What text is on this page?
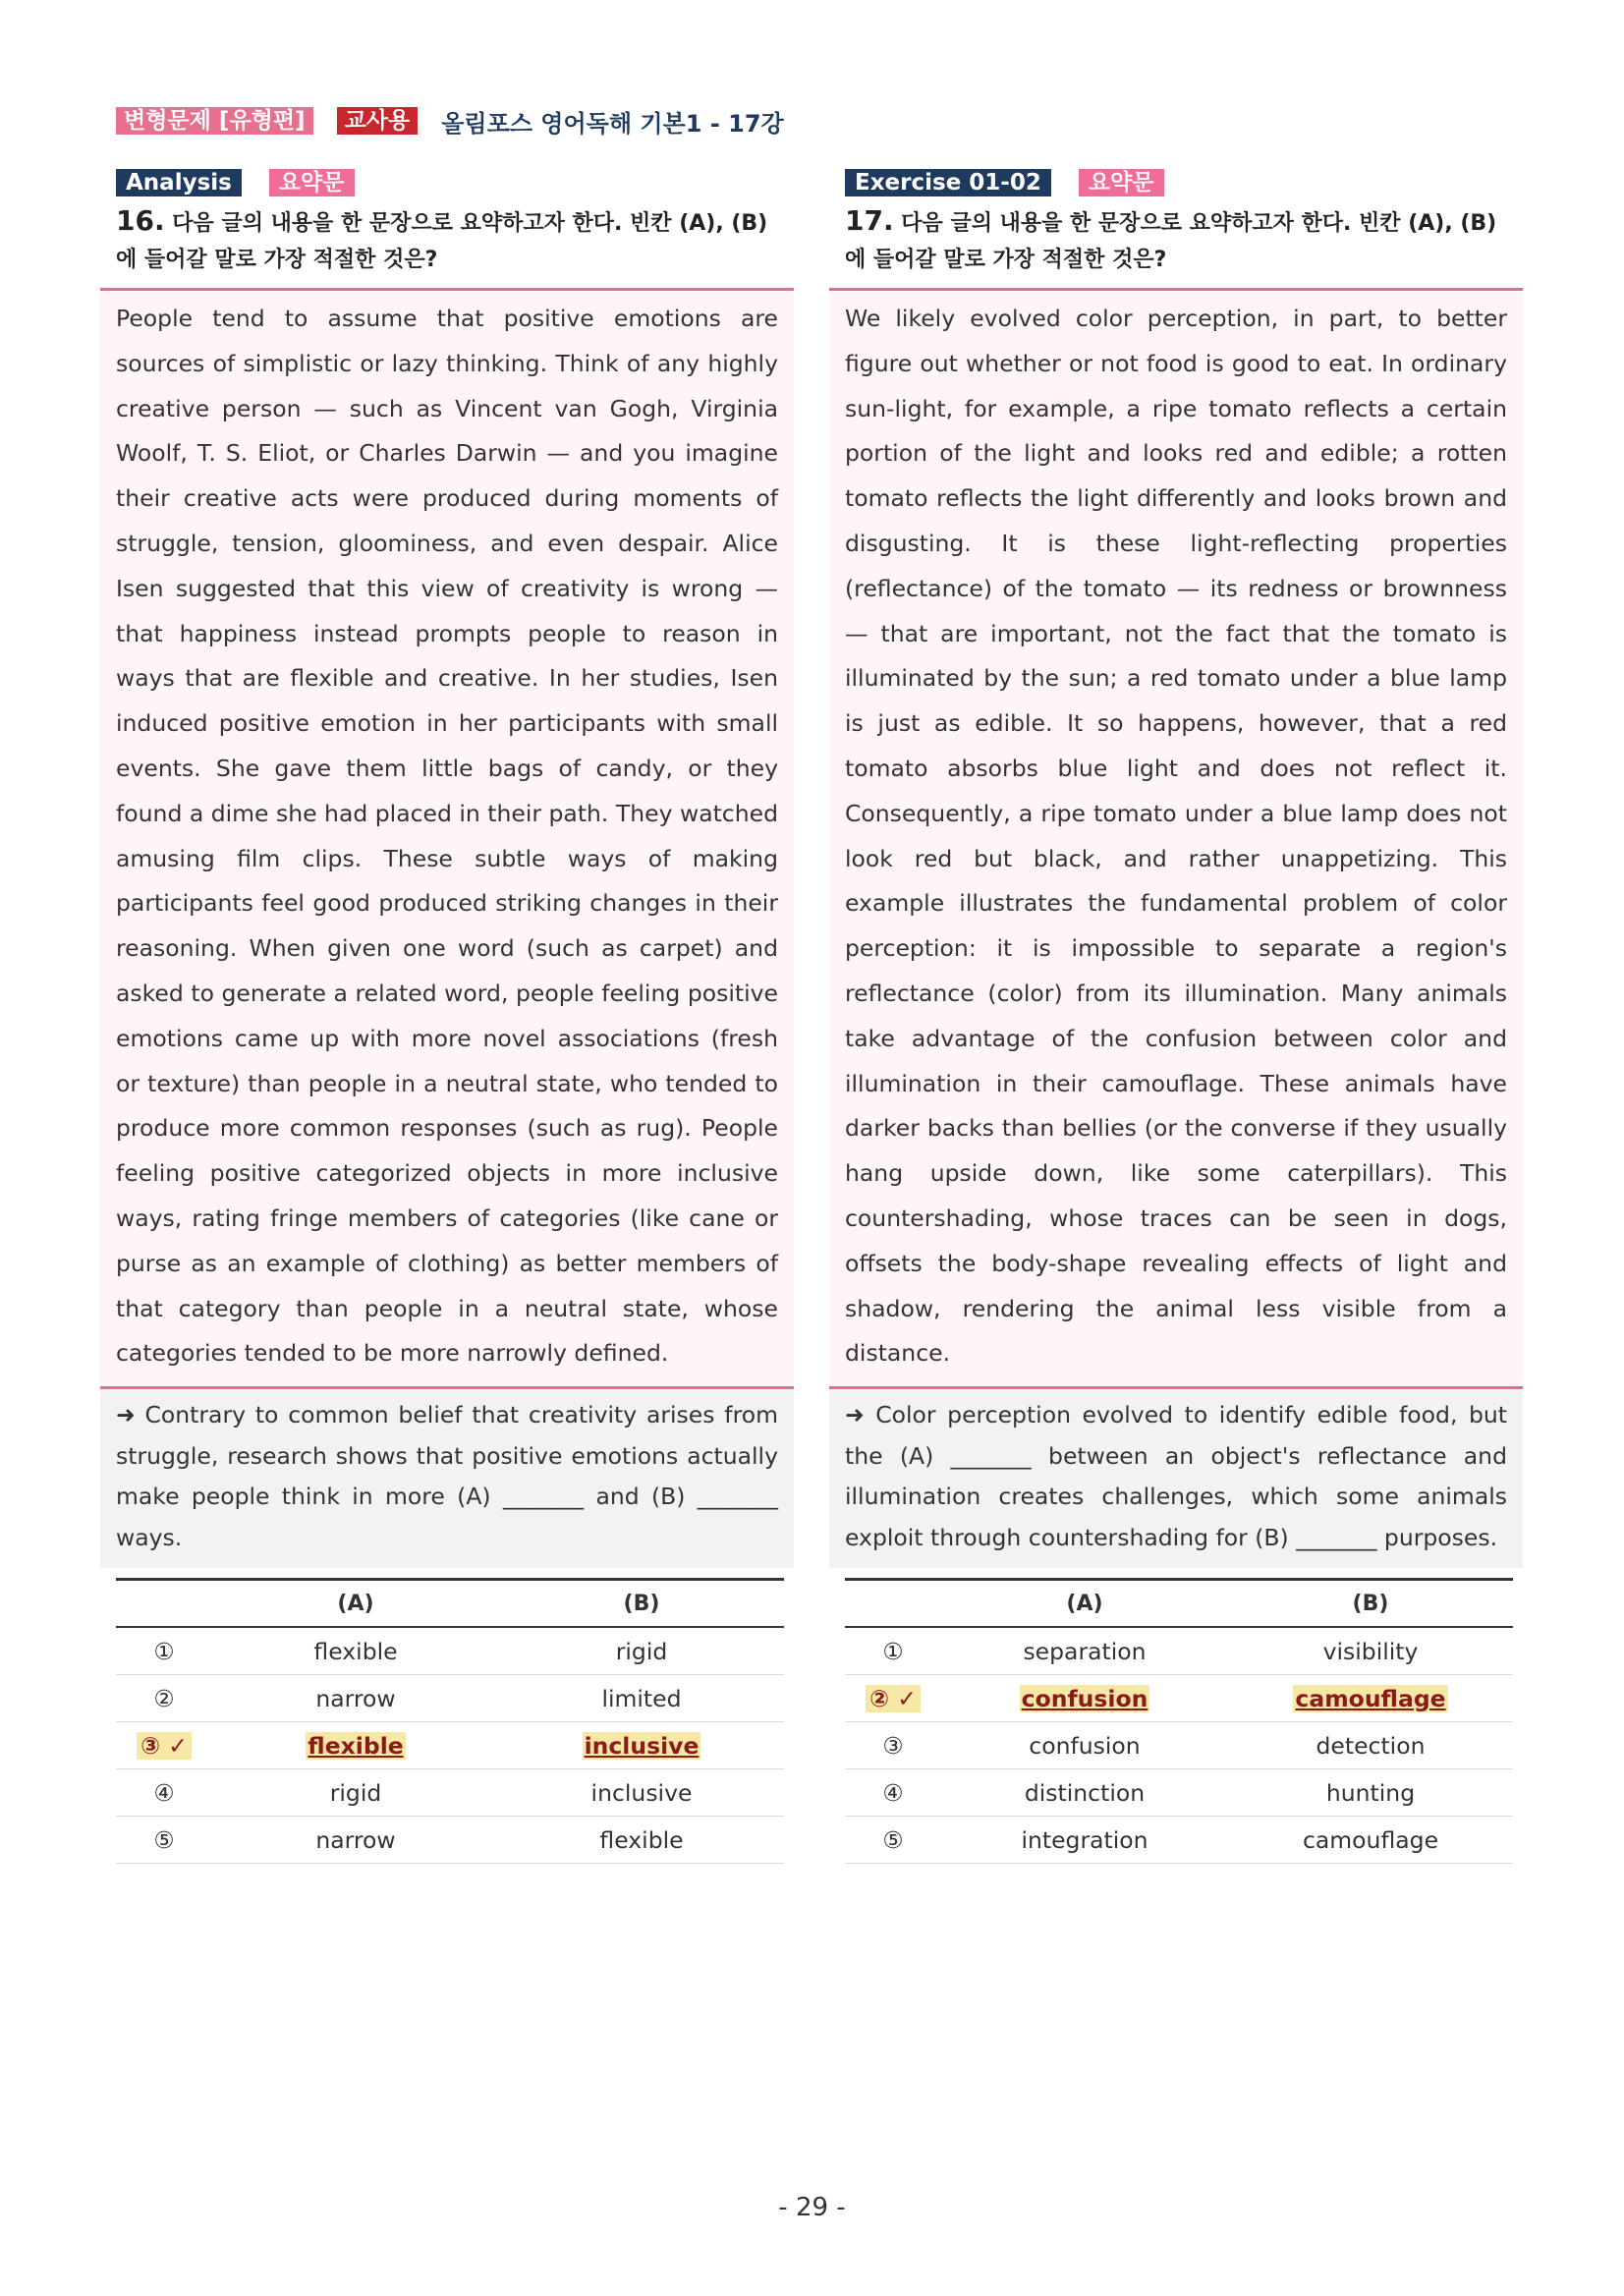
변형문제 [유형편]	교사용	올림포스 영어독해 기본1 - 17강
Analysis	요약문
16. 다음 글의 내용을 한 문장으로 요약하고자 한다. 빈칸 (A), (B)에 들어갈 말로 가장 적절한 것은?

People tend to assume that positive emotions are sources of simplistic or lazy thinking. Think of any highly creative person — such as Vincent van Gogh, Virginia Woolf, T. S. Eliot, or Charles Darwin — and you imagine their creative acts were produced during moments of struggle, tension, gloominess, and even despair. Alice Isen suggested that this view of creativity is wrong — that happiness instead prompts people to reason in ways that are flexible and creative. In her studies, Isen induced positive emotion in her participants with small events. She gave them little bags of candy, or they found a dime she had placed in their path. They watched amusing film clips. These subtle ways of making participants feel good produced striking changes in their reasoning. When given one word (such as carpet) and asked to generate a related word, people feeling positive emotions came up with more novel associations (fresh or texture) than people in a neutral state, who tended to produce more common responses (such as rug). People feeling positive categorized objects in more inclusive ways, rating fringe members of categories (like cane or purse as an example of clothing) as better members of that category than people in a neutral state, whose categories tended to be more narrowly defined.

➜ Contrary to common belief that creativity arises from struggle, research shows that positive emotions actually make people think in more (A) _______ and (B) _______ ways.

	(A)	(B)
①	flexible	rigid
②	narrow	limited
③ ✓	flexible	inclusive
④	rigid	inclusive
⑤	narrow	flexible
Exercise 01-02	요약문
17. 다음 글의 내용을 한 문장으로 요약하고자 한다. 빈칸 (A), (B)에 들어갈 말로 가장 적절한 것은?

We likely evolved color perception, in part, to better figure out whether or not food is good to eat. In ordinary sun-light, for example, a ripe tomato reflects a certain portion of the light and looks red and edible; a rotten tomato reflects the light differently and looks brown and disgusting. It is these light-reflecting properties (reflectance) of the tomato — its redness or brownness — that are important, not the fact that the tomato is illuminated by the sun; a red tomato under a blue lamp is just as edible. It so happens, however, that a red tomato absorbs blue light and does not reflect it. Consequently, a ripe tomato under a blue lamp does not look red but black, and rather unappetizing. This example illustrates the fundamental problem of color perception: it is impossible to separate a region's reflectance (color) from its illumination. Many animals take advantage of the confusion between color and illumination in their camouflage. These animals have darker backs than bellies (or the converse if they usually hang upside down, like some caterpillars). This countershading, whose traces can be seen in dogs, offsets the body-shape revealing effects of light and shadow, rendering the animal less visible from a distance.

➜ Color perception evolved to identify edible food, but the (A) _______ between an object's reflectance and illumination creates challenges, which some animals exploit through countershading for (B) _______ purposes.

	(A)	(B)
①	separation	visibility
② ✓	confusion	camouflage
③	confusion	detection
④	distinction	hunting
⑤	integration	camouflage
- 29 -
